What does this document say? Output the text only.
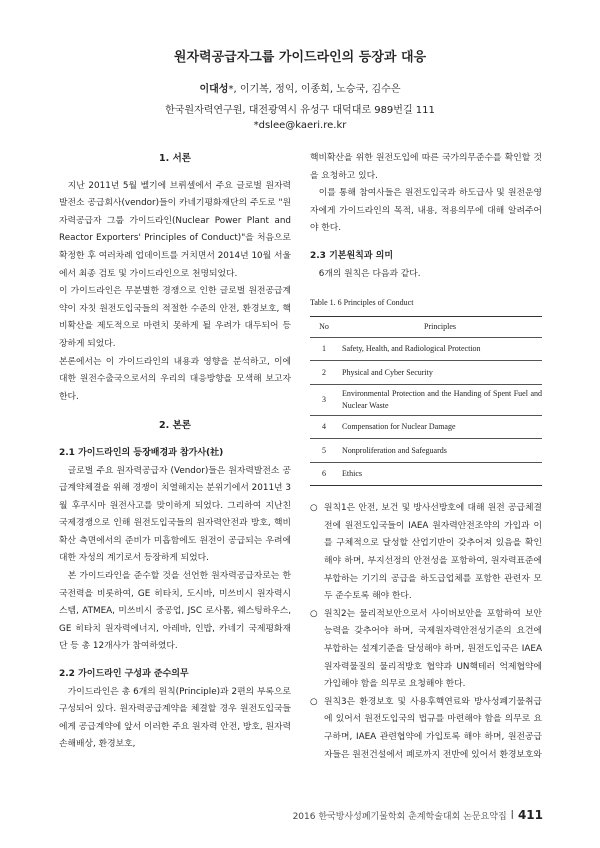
원자력공급자그룹 가이드라인의 등장과 대응
이대성*, 이기복, 정익, 이종희, 노승국, 김수은
한국원자력연구원, 대전광역시 유성구 대덕대로 989번길 111
*dslee@kaeri.re.kr

1. 서론

지난 2011년 5월 벨기에 브뤼셀에서 주요 글로벌 원자력 발전소 공급회사(vendor)들이 카네기평화재단의 주도로 "원자력공급자 그룹 가이드라인(Nuclear Power Plant and Reactor Exporters' Principles of Conduct)"을 처음으로 확정한 후 여러차례 업데이트를 거치면서 2014년 10월 서울에서 최종 검토 및 가이드라인으로 천명되었다.

이 가이드라인은 무분별한 경쟁으로 인한 글로벌 원전공급계약이 자칫 원전도입국들의 적절한 수준의 안전, 환경보호, 핵비확산을 제도적으로 마련치 못하게 될 우려가 대두되어 등장하게 되었다.

본론에서는 이 가이드라인의 내용과 영향을 분석하고, 이에 대한 원전수출국으로서의 우리의 대응방향을 모색해 보고자 한다.

2. 본론

2.1 가이드라인의 등장배경과 참가사(社)

글로벌 주요 원자력공급자 (Vendor)들은 원자력발전소 공급계약체결을 위해 경쟁이 치열해지는 분위기에서 2011년 3월 후쿠시마 원전사고를 맞이하게 되었다. 그리하여 지난친 국제경쟁으로 인해 원전도입국들의 원자력안전과 방호, 핵비확산 측면에서의 준비가 미흡함에도 원전이 공급되는 우려에 대한 자성의 계기로서 등장하게 되었다.

본 가이드라인을 준수할 것을 선언한 원자력공급자로는 한국전력을 비롯하여, GE 히타치, 도시바, 미쓰비시 원자력시스템, ATMEA, 미쓰비시 중공업, JSC 로사톰, 웨스팅하우스, GE 히타치 원자력에너지, 아레바, 인밥, 카네기 국제평화재단 등 총 12개사가 참여하였다.

2.2 가이드라인 구성과 준수의무

가이드라인은 총 6개의 원칙(Principle)과 2편의 부록으로 구성되어 있다. 원자력공급계약을 체결할 경우 원전도입국들에게 공급계약에 앞서 이러한 주요 원자력 안전, 방호, 원자력손해배상, 환경보호,

핵비확산을 위한 원전도입에 따른 국가의무준수를 확인할 것을 요청하고 있다.

이를 통해 참여사들은 원전도입국과 하도급사 및 원전운영자에게 가이드라인의 목적, 내용, 적용의무에 대해 알려주어야 한다.

2.3 기본원칙과 의미

6개의 원칙은 다음과 같다.

Table 1. 6 Principles of Conduct
No	Principles
1	Safety, Health, and Radiological Protection
2	Physical and Cyber Security
3	Environmental Protection and the Handing of Spent Fuel and Nuclear Waste
4	Compensation for Nuclear Damage
5	Nonproliferation and Safeguards
6	Ethics
○ 원칙1은 안전, 보건 및 방사선방호에 대해 원전 공급체결전에 원전도입국들이 IAEA 원자력안전조약의 가입과 이를 구체적으로 달성할 산업기반이 갖추어져 있음을 확인해야 하며, 부지선정의 안전성을 포함하여, 원자력표준에 부합하는 기기의 공급을 하도급업체를 포함한 관련자 모두 준수토록 해야 한다.
○ 원칙2는 물리적보안으로서 사이버보안을 포함하여 보안능력을 갖추어야 하며, 국제원자력안전성기준의 요건에 부합하는 설계기준을 달성해야 하며, 원전도입국은 IAEA 원자력물질의 물리적방호 협약과 UN핵테러 억제협약에 가입해야 함을 의무로 요청해야 한다.
○ 원칙3은 환경보호 및 사용후핵연료와 방사성폐기물취급에 있어서 원전도입국의 법규를 마련해야 함을 의무로 요구하며, IAEA 관련협약에 가입토록 해야 하며, 원전공급자들은 원전건설에서 폐로까지 전반에 있어서 환경보호와
2016 한국방사성폐기물학회 춘계학술대회 논문요약집 | 411
